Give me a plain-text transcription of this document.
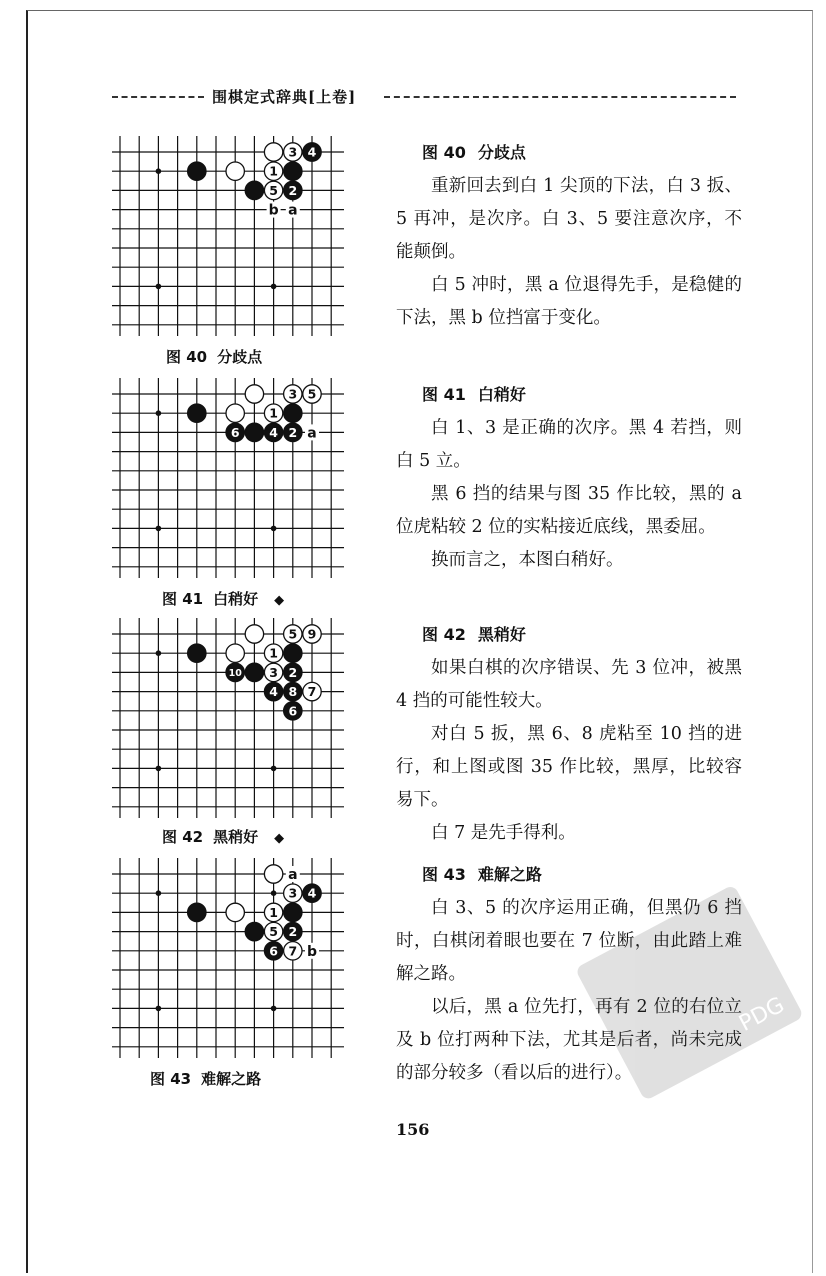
围棋定式辞典[上卷]
b a
3 4
1
5 2
图 40 分歧点
a
3 5
1
6 4 2
图 41 白稍好 ◆
5 9
1
10 3 2
4 8 7
6
图 42 黑稍好 ◆
a
b
3 4
1
5 2
6 7
图 43 难解之路
图 40 分歧点

重新回去到白 1 尖顶的下法，白 3 扳、5 再冲，是次序。白 3、5 要注意次序，不能颠倒。

白 5 冲时，黑 a 位退得先手，是稳健的下法，黑 b 位挡富于变化。

图 41 白稍好

白 1、3 是正确的次序。黑 4 若挡，则白 5 立。

黑 6 挡的结果与图 35 作比较，黑的 a 位虎粘较 2 位的实粘接近底线，黑委屈。

换而言之，本图白稍好。

图 42 黑稍好

如果白棋的次序错误、先 3 位冲，被黑 4 挡的可能性较大。

对白 5 扳，黑 6、8 虎粘至 10 挡的进行，和上图或图 35 作比较，黑厚，比较容易下。

白 7 是先手得利。

图 43 难解之路

白 3、5 的次序运用正确，但黑仍 6 挡时，白棋闭着眼也要在 7 位断，由此踏上难解之路。

以后，黑 a 位先打，再有 2 位的右位立及 b 位打两种下法，尤其是后者，尚未完成的部分较多（看以后的进行）。

156
PDG
